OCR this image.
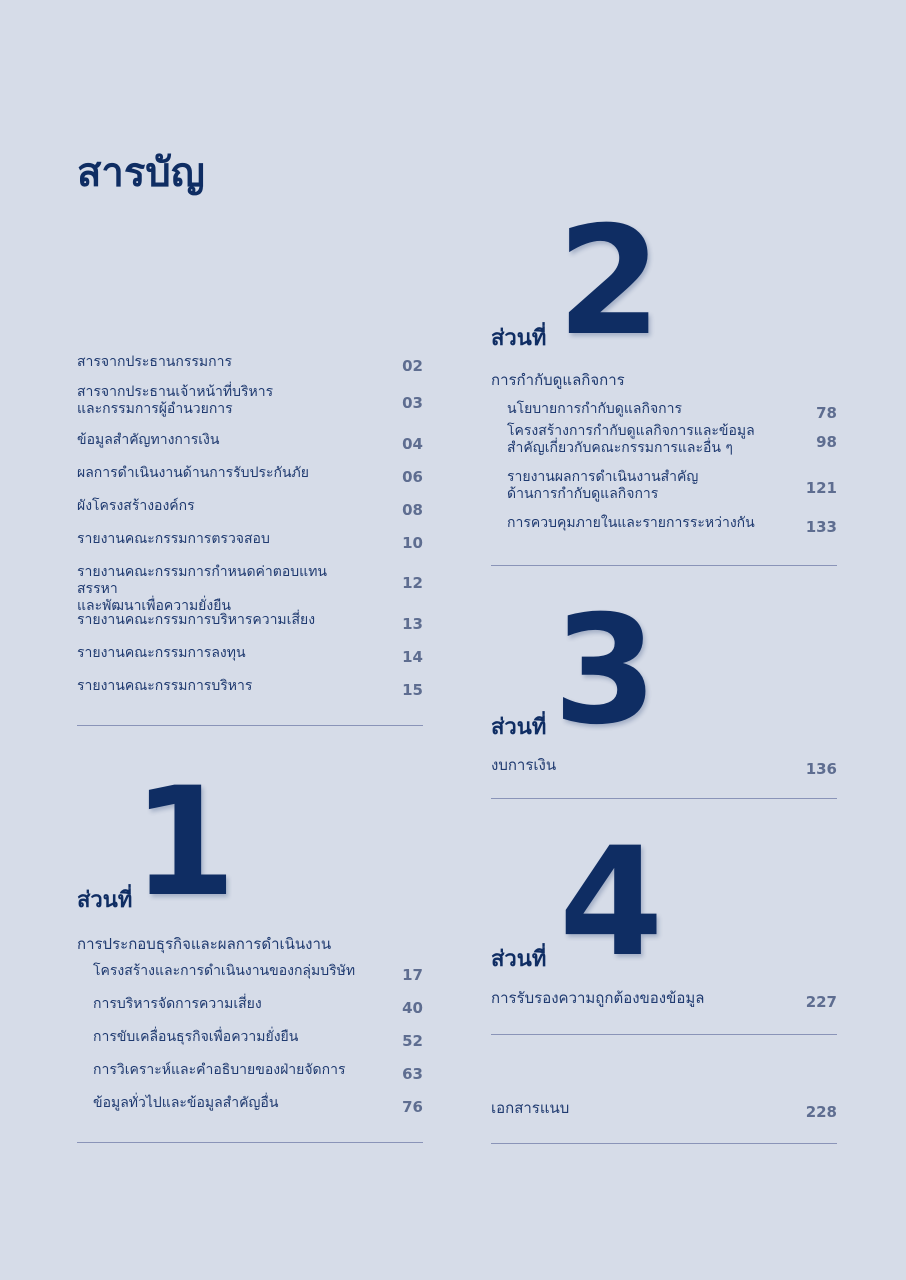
สารบัญ
สารจากประธานกรรมการ	02
สารจากประธานเจ้าหน้าที่บริหาร
และกรรมการผู้อำนวยการ	03
ข้อมูลสำคัญทางการเงิน	04
ผลการดำเนินงานด้านการรับประกันภัย	06
ผังโครงสร้างองค์กร	08
รายงานคณะกรรมการตรวจสอบ	10
รายงานคณะกรรมการกำหนดค่าตอบแทน สรรหา
และพัฒนาเพื่อความยั่งยืน
12
รายงานคณะกรรมการบริหารความเสี่ยง	13
รายงานคณะกรรมการลงทุน	14
รายงานคณะกรรมการบริหาร	15
ส่วนที่ 1
การประกอบธุรกิจและผลการดำเนินงาน
โครงสร้างและการดำเนินงานของกลุ่มบริษัท	17
การบริหารจัดการความเสี่ยง	40
การขับเคลื่อนธุรกิจเพื่อความยั่งยืน	52
การวิเคราะห์และคำอธิบายของฝ่ายจัดการ	63
ข้อมูลทั่วไปและข้อมูลสำคัญอื่น	76
ส่วนที่ 2
การกำกับดูแลกิจการ
นโยบายการกำกับดูแลกิจการ	78
โครงสร้างการกำกับดูแลกิจการและข้อมูล
สำคัญเกี่ยวกับคณะกรรมการและอื่น ๆ	98
รายงานผลการดำเนินงานสำคัญ
ด้านการกำกับดูแลกิจการ	121
การควบคุมภายในและรายการระหว่างกัน	133
ส่วนที่ 3
งบการเงิน	136
ส่วนที่ 4
การรับรองความถูกต้องของข้อมูล	227
เอกสารแนบ	228
